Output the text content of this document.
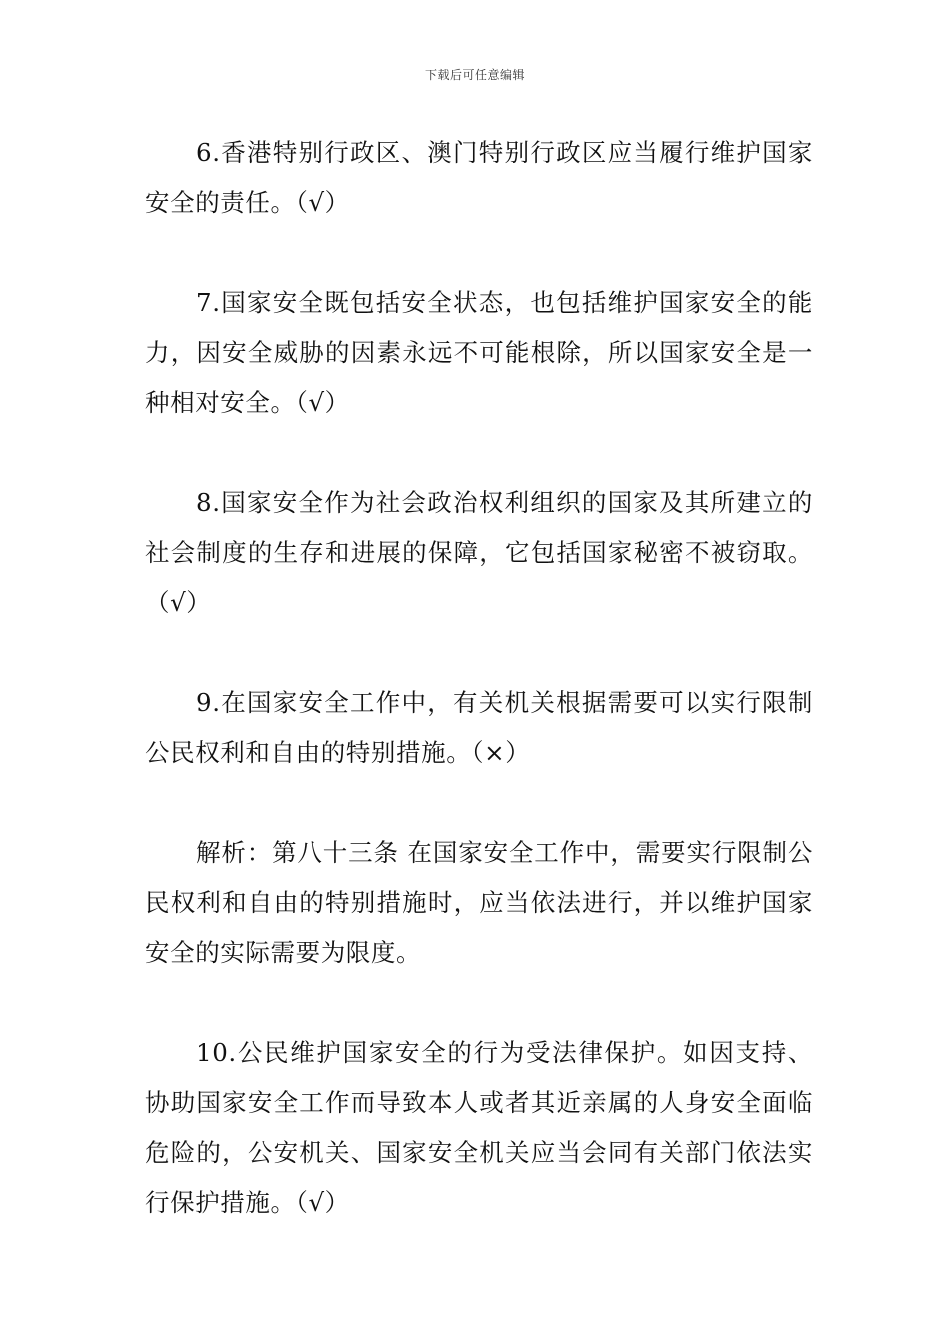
下载后可任意编辑

6.香港特别行政区、澳门特别行政区应当履行维护国家安全的责任。（√）

7.国家安全既包括安全状态，也包括维护国家安全的能力，因安全威胁的因素永远不可能根除，所以国家安全是一种相对安全。（√）

8.国家安全作为社会政治权利组织的国家及其所建立的社会制度的生存和进展的保障，它包括国家秘密不被窃取。（√）

9.在国家安全工作中，有关机关根据需要可以实行限制公民权利和自由的特别措施。（×）

解析：第八十三条 在国家安全工作中，需要实行限制公民权利和自由的特别措施时，应当依法进行，并以维护国家安全的实际需要为限度。

10.公民维护国家安全的行为受法律保护。如因支持、协助国家安全工作而导致本人或者其近亲属的人身安全面临危险的，公安机关、国家安全机关应当会同有关部门依法实行保护措施。（√）
